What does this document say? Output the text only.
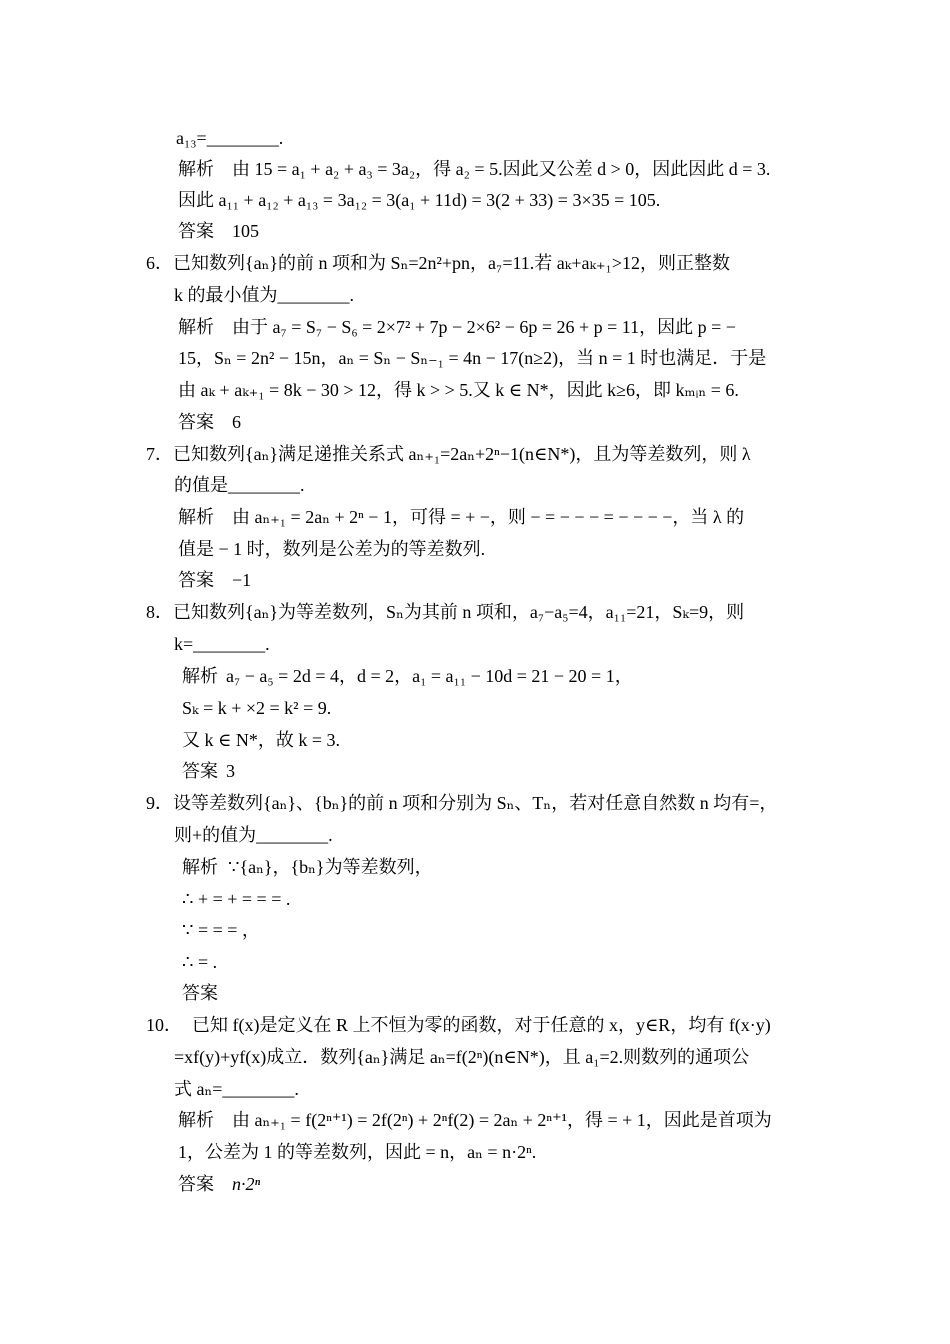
a₁₃=________.
解析 由 15 = a₁ + a₂ + a₃ = 3a₂，得 a₂ = 5.因此又公差 d > 0，因此因此 d = 3.
因此 a₁₁ + a₁₂ + a₁₃ = 3a₁₂ = 3(a₁ + 11d) = 3(2 + 33) = 3×35 = 105.
答案 105
6．已知数列{aₙ}的前 n 项和为 Sₙ=2n²+pn，a₇=11.若 aₖ+aₖ₊₁>12，则正整数
k 的最小值为________.
解析 由于 a₇ = S₇ − S₆ = 2×7² + 7p − 2×6² − 6p = 26 + p = 11，因此 p = −
15，Sₙ = 2n² − 15n，aₙ = Sₙ − Sₙ₋₁ = 4n − 17(n≥2)，当 n = 1 时也满足．于是
由 aₖ + aₖ₊₁ = 8k − 30 > 12，得 k > > 5.又 k ∈ N*，因此 k≥6，即 kₘᵢₙ = 6.
答案 6
7．已知数列{aₙ}满足递推关系式 aₙ₊₁=2aₙ+2ⁿ−1(n∈N*)，且为等差数列，则 λ
的值是________.
解析 由 aₙ₊₁ = 2aₙ + 2ⁿ − 1，可得 = + −，则 − = − − − = − − − −，当 λ 的
值是 − 1 时，数列是公差为的等差数列.
答案 −1
8．已知数列{aₙ}为等差数列，Sₙ为其前 n 项和，a₇−a₅=4，a₁₁=21，Sₖ=9，则
k=________.
解析 a₇ − a₅ = 2d = 4，d = 2，a₁ = a₁₁ − 10d = 21 − 20 = 1，
Sₖ = k + ×2 = k² = 9.
又 k ∈ N*，故 k = 3.
答案 3
9．设等差数列{aₙ}、{bₙ}的前 n 项和分别为 Sₙ、Tₙ，若对任意自然数 n 均有=，
则+的值为________.
解析 ∵{aₙ}，{bₙ}为等差数列，
∴ + = + = = = .
∵ = = = ，
∴ = .
答案
10． 已知 f(x)是定义在 R 上不恒为零的函数，对于任意的 x，y∈R，均有 f(x·y)
=xf(y)+yf(x)成立．数列{aₙ}满足 aₙ=f(2ⁿ)(n∈N*)，且 a₁=2.则数列的通项公
式 aₙ=________.
解析 由 aₙ₊₁ = f(2ⁿ⁺¹) = 2f(2ⁿ) + 2ⁿf(2) = 2aₙ + 2ⁿ⁺¹，得 = + 1，因此是首项为
1，公差为 1 的等差数列，因此 = n，aₙ = n·2ⁿ.
答案 n·2ⁿ
